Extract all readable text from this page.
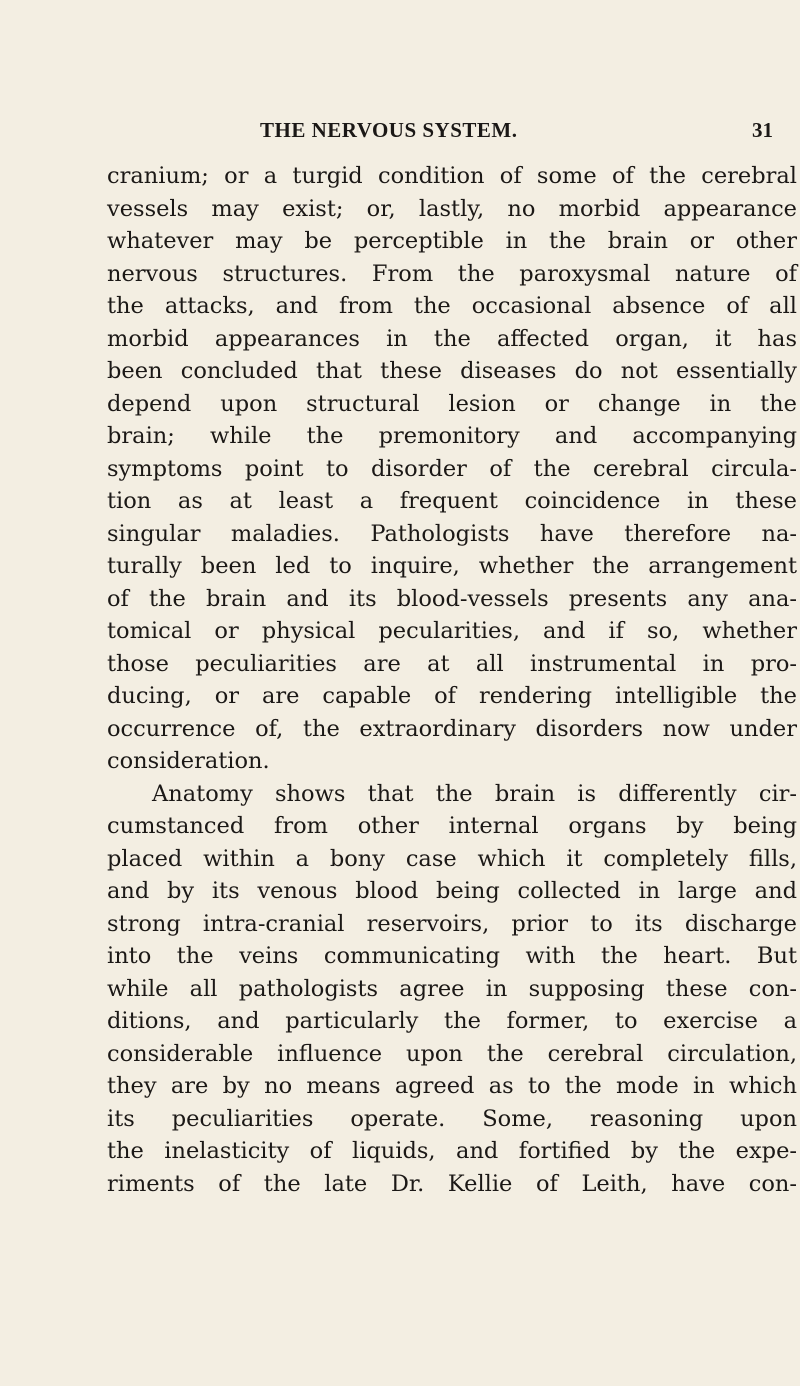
THE NERVOUS SYSTEM.	31
cranium; or a turgid condition of some of the cerebral
vessels may exist; or, lastly, no morbid appearance
whatever may be perceptible in the brain or other
nervous structures. From the paroxysmal nature of
the attacks, and from the occasional absence of all
morbid appearances in the affected organ, it has
been concluded that these diseases do not essentially
depend upon structural lesion or change in the
brain; while the premonitory and accompanying
symptoms point to disorder of the cerebral circula-
tion as at least a frequent coincidence in these
singular maladies. Pathologists have therefore na-
turally been led to inquire, whether the arrangement
of the brain and its blood-vessels presents any ana-
tomical or physical pecularities, and if so, whether
those peculiarities are at all instrumental in pro-
ducing, or are capable of rendering intelligible the
occurrence of, the extraordinary disorders now under
consideration.
Anatomy shows that the brain is differently cir-
cumstanced from other internal organs by being
placed within a bony case which it completely fills,
and by its venous blood being collected in large and
strong intra-cranial reservoirs, prior to its discharge
into the veins communicating with the heart. But
while all pathologists agree in supposing these con-
ditions, and particularly the former, to exercise a
considerable influence upon the cerebral circulation,
they are by no means agreed as to the mode in which
its peculiarities operate. Some, reasoning upon
the inelasticity of liquids, and fortified by the expe-
riments of the late Dr. Kellie of Leith, have con-
